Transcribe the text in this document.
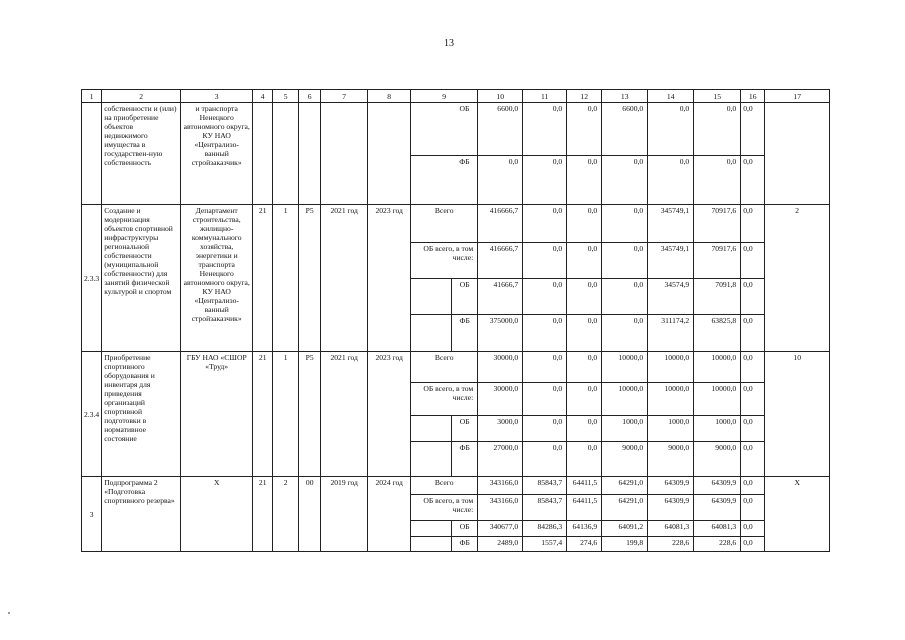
13
1	2	3	4	5	6	7	8	9		10	11	12	13	14	15	16	17
	собственности и (или) на приобретение объектов недвижимого имущества в государствен-ную собственность	и транспорта Ненецкого автономного округа, КУ НАО «Централизо-ванный стройзаказчик»							ОБ	6600,0	0,0	0,0	6600,0	0,0	0,0	0,0	
									ФБ	0,0	0,0	0,0	0,0	0,0	0,0	0,0	
2.3.3	Создание и модернизация объектов спортивной инфраструктуры региональной собственности (муниципальной собственности) для занятий физической культурой и спортом	Департамент строительства, жилищно-коммунального хозяйства, энергетики и транспорта Ненецкого автономного округа, КУ НАО «Централизо-ванный стройзаказчик»	21	1	Р5	2021 год	2023 год	Всего		416666,7	0,0	0,0	0,0	345749,1	70917,6	0,0	2
								ОБ всего, в том числе:		416666,7	0,0	0,0	0,0	345749,1	70917,6	0,0	
									ОБ	41666,7	0,0	0,0	0,0	34574,9	7091,8	0,0	
									ФБ	375000,0	0,0	0,0	0,0	311174,2	63825,8	0,0	
2.3.4	Приобретение спортивного оборудования и инвентаря для приведения организаций спортивной подготовки в нормативное состояние	ГБУ НАО «СШОР «Труд»	21	1	Р5	2021 год	2023 год	Всего		30000,0	0,0	0,0	10000,0	10000,0	10000,0	0,0	10
								ОБ всего, в том числе:		30000,0	0,0	0,0	10000,0	10000,0	10000,0	0,0	
									ОБ	3000,0	0,0	0,0	1000,0	1000,0	1000,0	0,0	
									ФБ	27000,0	0,0	0,0	9000,0	9000,0	9000,0	0,0	
3	Подпрограмма 2 «Подготовка спортивного резерва»	Х	21	2	00	2019 год	2024 год	Всего		343166,0	85843,7	64411,5	64291,0	64309,9	64309,9	0,0	Х
								ОБ всего, в том числе:		343166,0	85843,7	64411,5	64291,0	64309,9	64309,9	0,0	
									ОБ	340677,0	84286,3	64136,9	64091,2	64081,3	64081,3	0,0	
									ФБ	2489,0	1557,4	274,6	199,8	228,6	228,6	0,0	
